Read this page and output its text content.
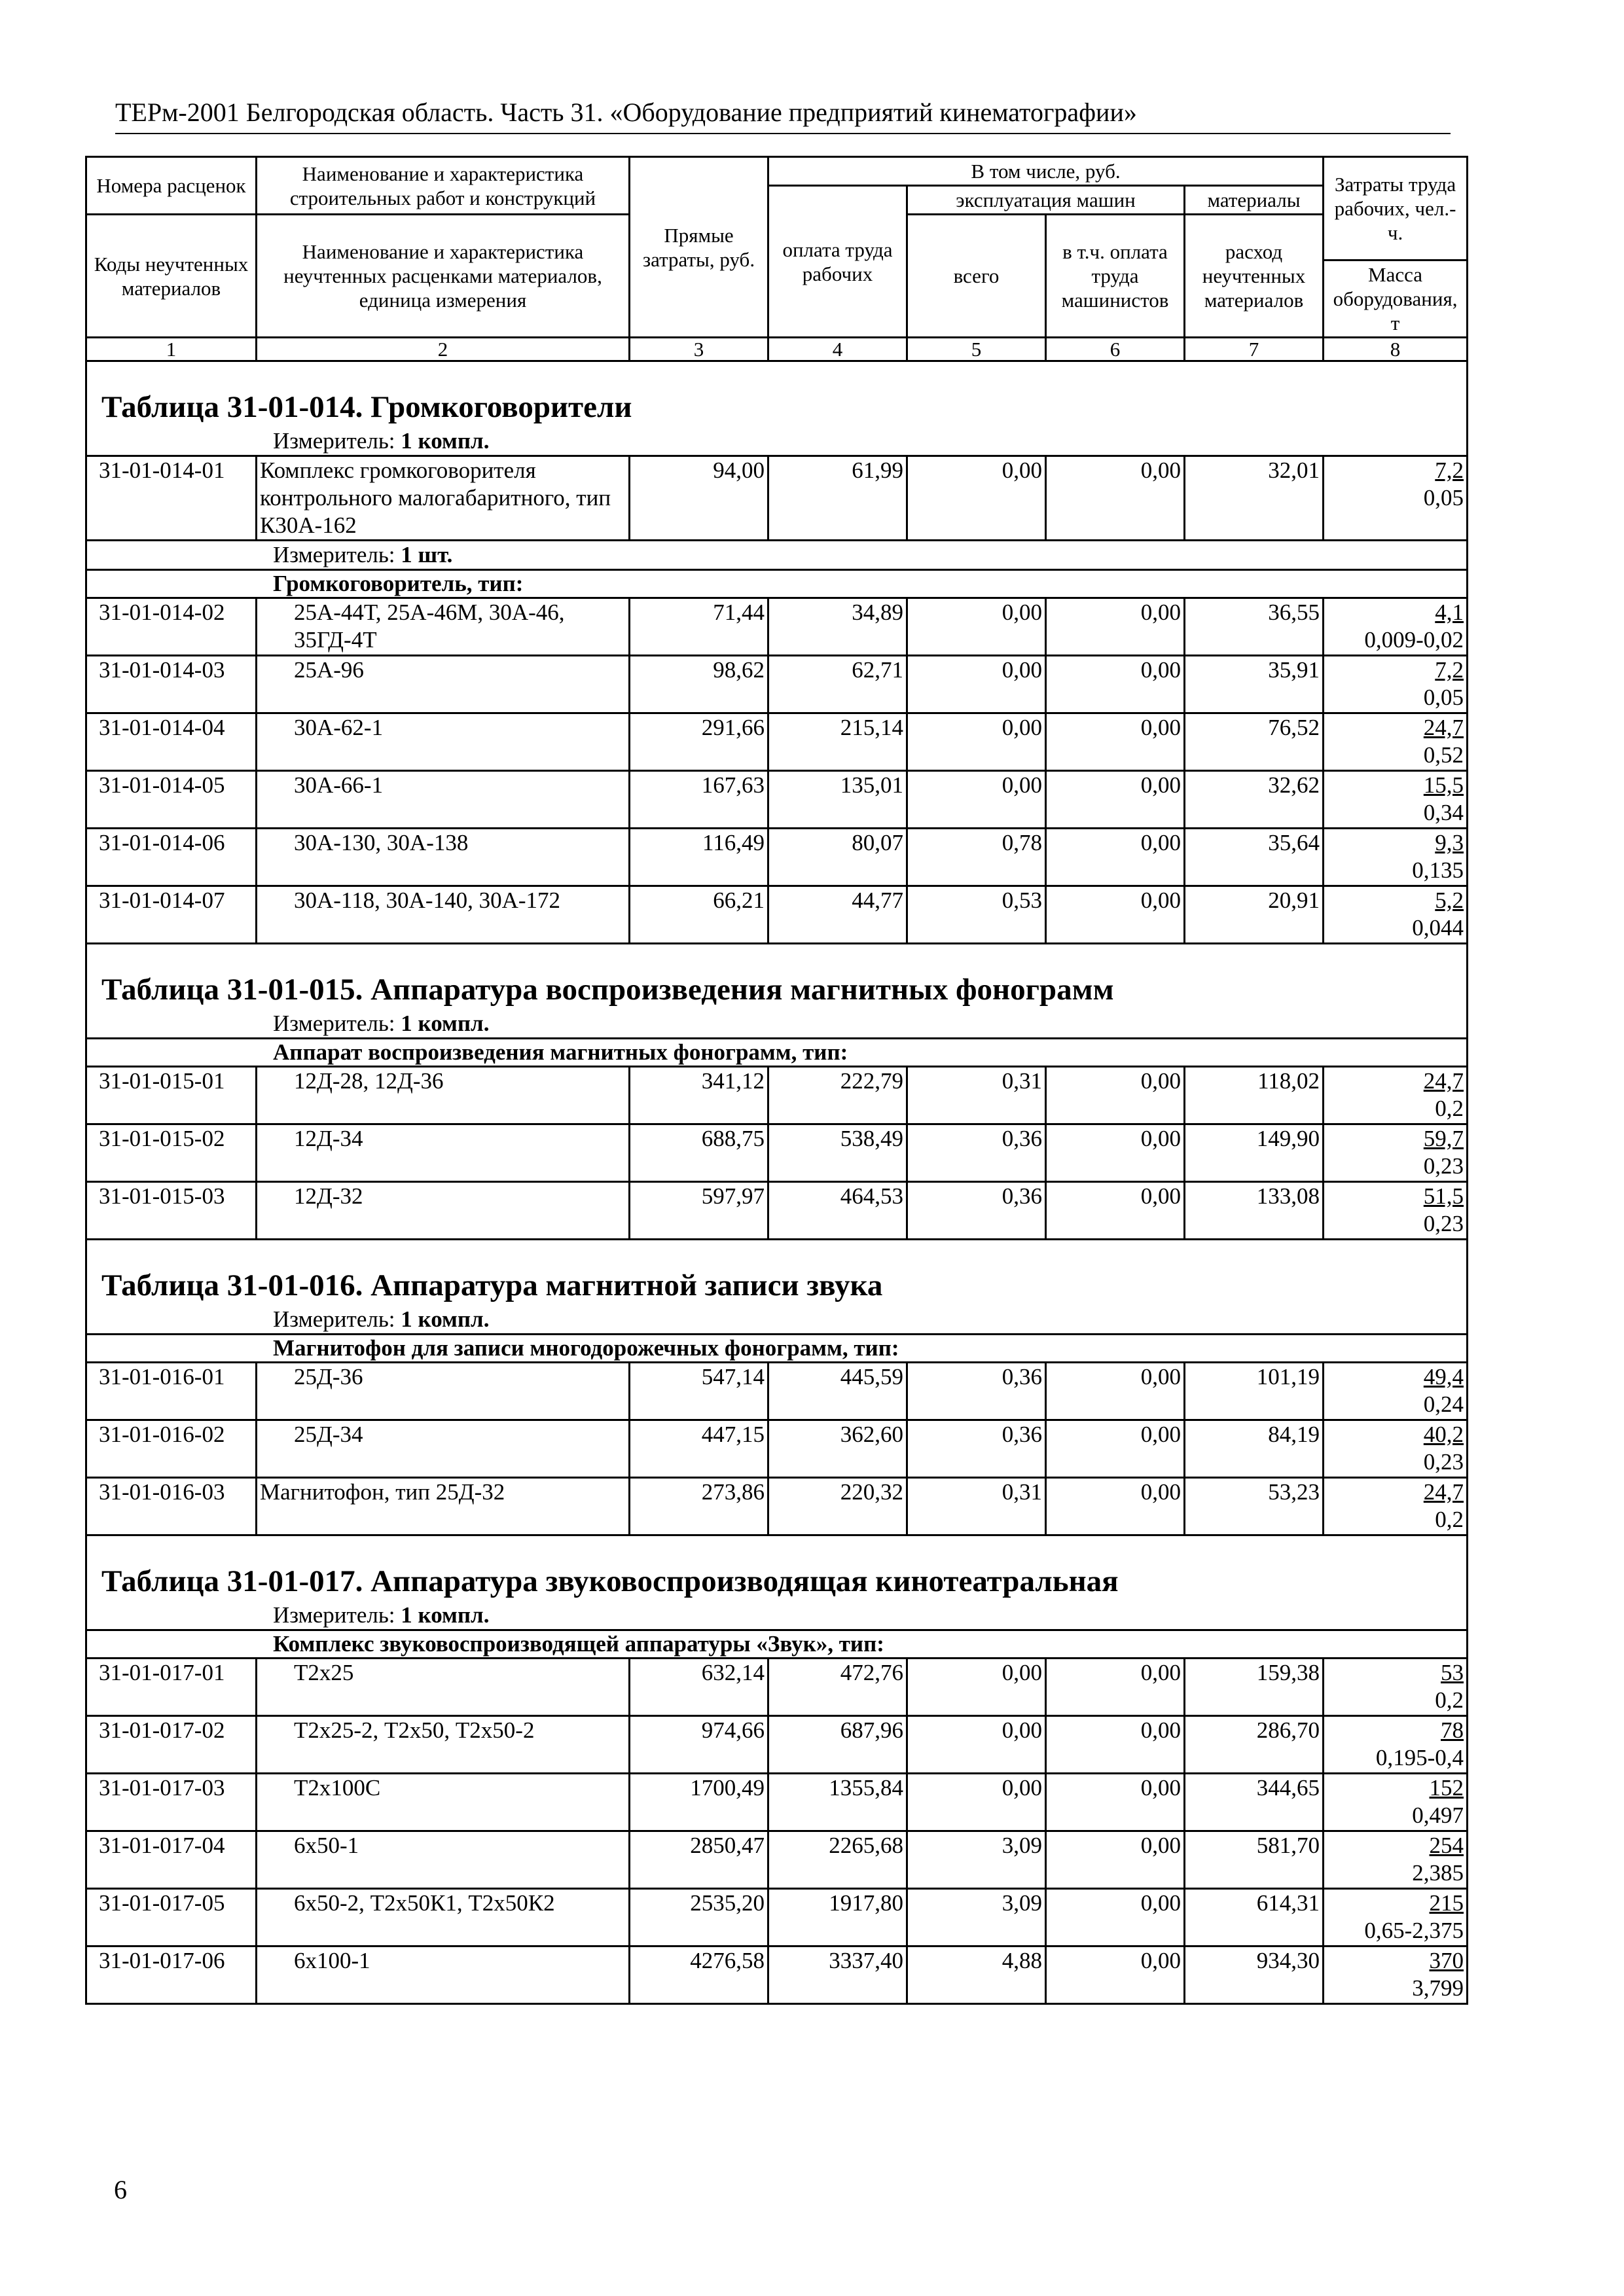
ТЕРм-2001 Белгородская область. Часть 31. «Оборудование предприятий кинематографии»
Номера расценок	Наименование и характеристика строительных работ и конструкций	Прямые затраты, руб.	В том числе, руб.				Затраты труда рабочих, чел.-ч.
			оплата труда рабочих	эксплуатация машин		материалы	
Коды неучтенных материалов	Наименование и характеристика неучтенных расценками материалов, единица измерения			всего	в т.ч. оплата труда машинистов	расход неучтенных материалов	
							Масса оборудования, т
1	2	3	4	5	6	7	8
Таблица 31-01-014. Громкоговорители							
Измеритель: 1 компл.							
31-01-014-01	Комплекс громкоговорителя контрольного малогабаритного, тип К30А-162	94,00	61,99	0,00	0,00	32,01	7,2
0,05

Измеритель: 1 шт.							
Громкоговоритель, тип:							
31-01-014-02	25А-44Т, 25А-46М, 30А-46, 35ГД-4Т	71,44	34,89	0,00	0,00	36,55	4,1
0,009-0,02

31-01-014-03	25А-96	98,62	62,71	0,00	0,00	35,91	7,2
0,05

31-01-014-04	30А-62-1	291,66	215,14	0,00	0,00	76,52	24,7
0,52

31-01-014-05	30А-66-1	167,63	135,01	0,00	0,00	32,62	15,5
0,34

31-01-014-06	30А-130, 30А-138	116,49	80,07	0,78	0,00	35,64	9,3
0,135

31-01-014-07	30А-118, 30А-140, 30А-172	66,21	44,77	0,53	0,00	20,91	5,2
0,044

Таблица 31-01-015. Аппаратура воспроизведения магнитных фонограмм							
Измеритель: 1 компл.							
Аппарат воспроизведения магнитных фонограмм, тип:							
31-01-015-01	12Д-28, 12Д-36	341,12	222,79	0,31	0,00	118,02	24,7
0,2

31-01-015-02	12Д-34	688,75	538,49	0,36	0,00	149,90	59,7
0,23

31-01-015-03	12Д-32	597,97	464,53	0,36	0,00	133,08	51,5
0,23

Таблица 31-01-016. Аппаратура магнитной записи звука							
Измеритель: 1 компл.							
Магнитофон для записи многодорожечных фонограмм, тип:							
31-01-016-01	25Д-36	547,14	445,59	0,36	0,00	101,19	49,4
0,24

31-01-016-02	25Д-34	447,15	362,60	0,36	0,00	84,19	40,2
0,23

31-01-016-03	Магнитофон, тип 25Д-32	273,86	220,32	0,31	0,00	53,23	24,7
0,2

Таблица 31-01-017. Аппаратура звуковоспроизводящая кинотеатральная							
Измеритель: 1 компл.							
Комплекс звуковоспроизводящей аппаратуры «Звук», тип:							
31-01-017-01	Т2х25	632,14	472,76	0,00	0,00	159,38	53
0,2

31-01-017-02	Т2х25-2, Т2х50, Т2х50-2	974,66	687,96	0,00	0,00	286,70	78
0,195-0,4

31-01-017-03	Т2х100С	1700,49	1355,84	0,00	0,00	344,65	152
0,497

31-01-017-04	6х50-1	2850,47	2265,68	3,09	0,00	581,70	254
2,385

31-01-017-05	6х50-2, Т2х50К1, Т2х50К2	2535,20	1917,80	3,09	0,00	614,31	215
0,65-2,375

31-01-017-06	6х100-1	4276,58	3337,40	4,88	0,00	934,30	370
3,799
6
